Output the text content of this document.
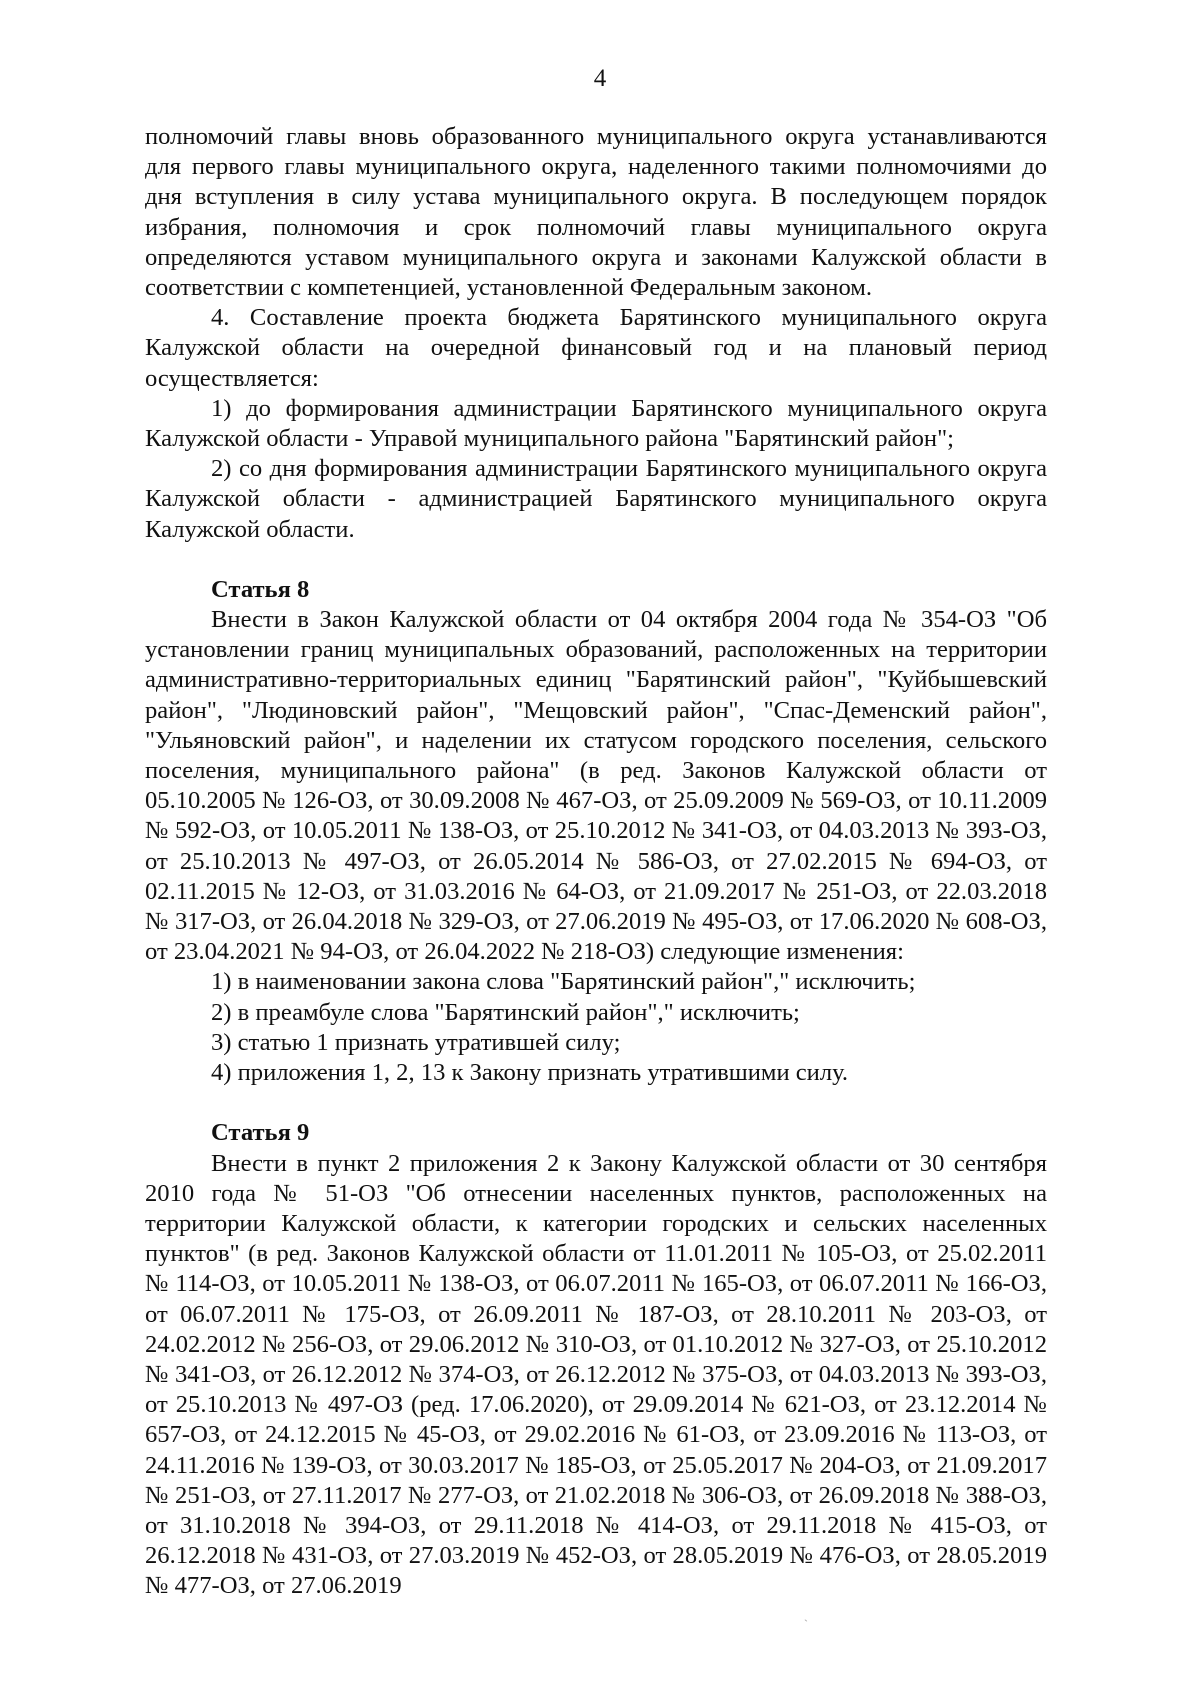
4

полномочий главы вновь образованного муниципального округа устанавливаются для первого главы муниципального округа, наделенного такими полномочиями до дня вступления в силу устава муниципального округа. В последующем порядок избрания, полномочия и срок полномочий главы муниципального округа определяются уставом муниципального округа и законами Калужской области в соответствии с компетенцией, установленной Федеральным законом.

4. Составление проекта бюджета Барятинского муниципального округа Калужской области на очередной финансовый год и на плановый период осуществляется:

1) до формирования администрации Барятинского муниципального округа Калужской области - Управой муниципального района "Барятинский район";

2) со дня формирования администрации Барятинского муниципального округа Калужской области - администрацией Барятинского муниципального округа Калужской области.

Статья 8

Внести в Закон Калужской области от 04 октября 2004 года № 354-ОЗ "Об установлении границ муниципальных образований, расположенных на территории административно-территориальных единиц "Барятинский район", "Куйбышевский район", "Людиновский район", "Мещовский район", "Спас-Деменский район", "Ульяновский район", и наделении их статусом городского поселения, сельского поселения, муниципального района" (в ред. Законов Калужской области от 05.10.2005 № 126-ОЗ, от 30.09.2008 № 467-ОЗ, от 25.09.2009 № 569-ОЗ, от 10.11.2009 № 592-ОЗ, от 10.05.2011 № 138-ОЗ, от 25.10.2012 № 341-ОЗ, от 04.03.2013 № 393-ОЗ, от 25.10.2013 № 497-ОЗ, от 26.05.2014 № 586-ОЗ, от 27.02.2015 № 694-ОЗ, от 02.11.2015 № 12-ОЗ, от 31.03.2016 № 64-ОЗ, от 21.09.2017 № 251-ОЗ, от 22.03.2018 № 317-ОЗ, от 26.04.2018 № 329-ОЗ, от 27.06.2019 № 495-ОЗ, от 17.06.2020 № 608-ОЗ, от 23.04.2021 № 94-ОЗ, от 26.04.2022 № 218-ОЗ) следующие изменения:

1) в наименовании закона слова "Барятинский район"," исключить;

2) в преамбуле слова "Барятинский район"," исключить;

3) статью 1 признать утратившей силу;

4) приложения 1, 2, 13 к Закону признать утратившими силу.

Статья 9

Внести в пункт 2 приложения 2 к Закону Калужской области от 30 сентября 2010 года № 51-ОЗ "Об отнесении населенных пунктов, расположенных на территории Калужской области, к категории городских и сельских населенных пунктов" (в ред. Законов Калужской области от 11.01.2011 № 105-ОЗ, от 25.02.2011 № 114-ОЗ, от 10.05.2011 № 138-ОЗ, от 06.07.2011 № 165-ОЗ, от 06.07.2011 № 166-ОЗ, от 06.07.2011 № 175-ОЗ, от 26.09.2011 № 187-ОЗ, от 28.10.2011 № 203-ОЗ, от 24.02.2012 № 256-ОЗ, от 29.06.2012 № 310-ОЗ, от 01.10.2012 № 327-ОЗ, от 25.10.2012 № 341-ОЗ, от 26.12.2012 № 374-ОЗ, от 26.12.2012 № 375-ОЗ, от 04.03.2013 № 393-ОЗ, от 25.10.2013 № 497-ОЗ (ред. 17.06.2020), от 29.09.2014 № 621-ОЗ, от 23.12.2014 № 657-ОЗ, от 24.12.2015 № 45-ОЗ, от 29.02.2016 № 61-ОЗ, от 23.09.2016 № 113-ОЗ, от 24.11.2016 № 139-ОЗ, от 30.03.2017 № 185-ОЗ, от 25.05.2017 № 204-ОЗ, от 21.09.2017 № 251-ОЗ, от 27.11.2017 № 277-ОЗ, от 21.02.2018 № 306-ОЗ, от 26.09.2018 № 388-ОЗ, от 31.10.2018 № 394-ОЗ, от 29.11.2018 № 414-ОЗ, от 29.11.2018 № 415-ОЗ, от 26.12.2018 № 431-ОЗ, от 27.03.2019 № 452-ОЗ, от 28.05.2019 № 476-ОЗ, от 28.05.2019 № 477-ОЗ, от 27.06.2019

ˎ
